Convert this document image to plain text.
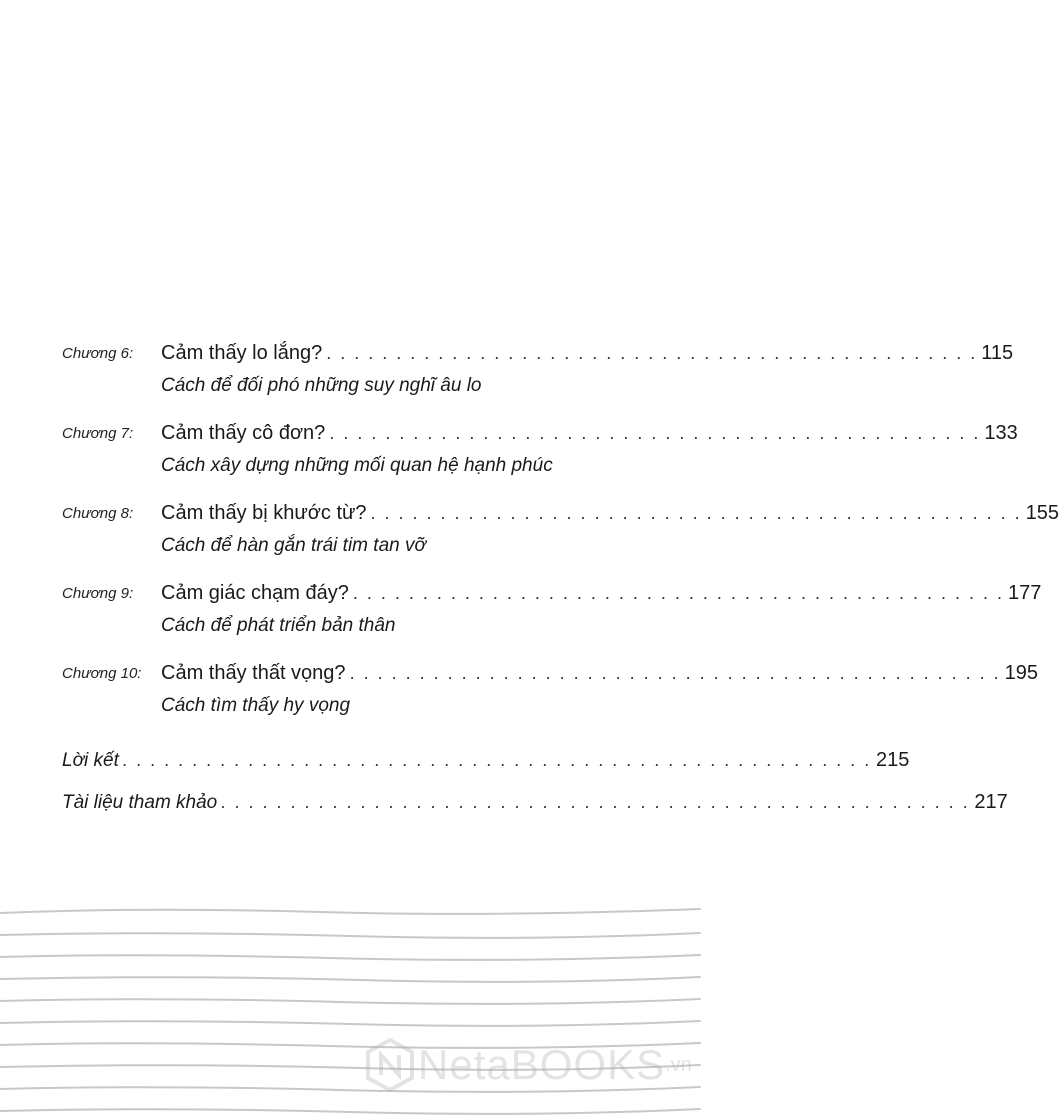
Chương 6: Cảm thấy lo lắng? . . . . . . . . . . . . . . . . . . . . . . . . . . . . . . . . . . . . . . . . . . . . . . . 115
Cách để đối phó những suy nghĩ âu lo
Chương 7: Cảm thấy cô đơn? . . . . . . . . . . . . . . . . . . . . . . . . . . . . . . . . . . . . . . . . . . . . . . . 133
Cách xây dựng những mối quan hệ hạnh phúc
Chương 8: Cảm thấy bị khước từ? . . . . . . . . . . . . . . . . . . . . . . . . . . . . . . . . . . . . . . . . . . . . . . . 155
Cách để hàn gắn trái tim tan vỡ
Chương 9: Cảm giác chạm đáy? . . . . . . . . . . . . . . . . . . . . . . . . . . . . . . . . . . . . . . . . . . . . . . . 177
Cách để phát triển bản thân
Chương 10: Cảm thấy thất vọng? . . . . . . . . . . . . . . . . . . . . . . . . . . . . . . . . . . . . . . . . . . . . . . . 195
Cách tìm thấy hy vọng
Lời kết . . . . . . . . . . . . . . . . . . . . . . . . . . . . . . . . . . . . . . . . . . . . . . . . . . . . . . 215
Tài liệu tham khảo . . . . . . . . . . . . . . . . . . . . . . . . . . . . . . . . . . . . . . . . . . . . . . . . . . . . . . 217
NetaBOOKS .vn
